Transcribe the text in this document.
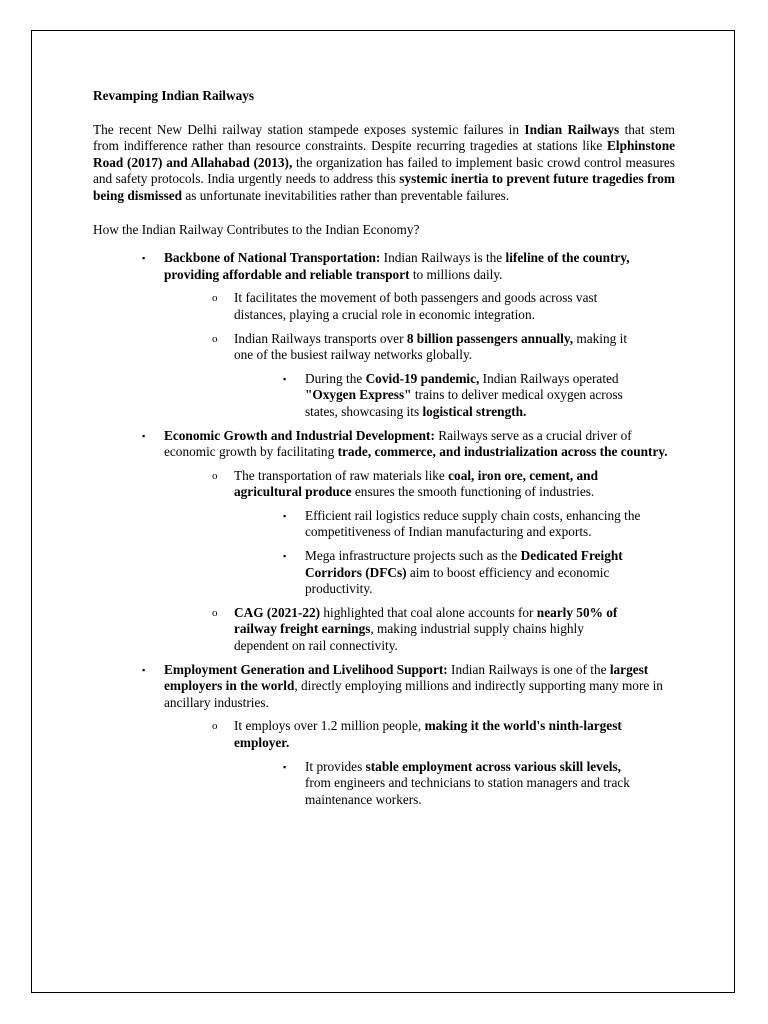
Revamping Indian Railways
The recent New Delhi railway station stampede exposes systemic failures in Indian Railways that stem from indifference rather than resource constraints. Despite recurring tragedies at stations like Elphinstone Road (2017) and Allahabad (2013), the organization has failed to implement basic crowd control measures and safety protocols. India urgently needs to address this systemic inertia to prevent future tragedies from being dismissed as unfortunate inevitabilities rather than preventable failures.
How the Indian Railway Contributes to the Indian Economy?
▪ Backbone of National Transportation: Indian Railways is the lifeline of the country, providing affordable and reliable transport to millions daily.
o It facilitates the movement of both passengers and goods across vast distances, playing a crucial role in economic integration.
o Indian Railways transports over 8 billion passengers annually, making it one of the busiest railway networks globally.
▪ During the Covid-19 pandemic, Indian Railways operated "Oxygen Express" trains to deliver medical oxygen across states, showcasing its logistical strength.
▪ Economic Growth and Industrial Development: Railways serve as a crucial driver of economic growth by facilitating trade, commerce, and industrialization across the country.
o The transportation of raw materials like coal, iron ore, cement, and agricultural produce ensures the smooth functioning of industries.
▪ Efficient rail logistics reduce supply chain costs, enhancing the competitiveness of Indian manufacturing and exports.
▪ Mega infrastructure projects such as the Dedicated Freight Corridors (DFCs) aim to boost efficiency and economic productivity.
o CAG (2021-22) highlighted that coal alone accounts for nearly 50% of railway freight earnings, making industrial supply chains highly dependent on rail connectivity.
▪ Employment Generation and Livelihood Support: Indian Railways is one of the largest employers in the world, directly employing millions and indirectly supporting many more in ancillary industries.
o It employs over 1.2 million people, making it the world's ninth-largest employer.
▪ It provides stable employment across various skill levels, from engineers and technicians to station managers and track maintenance workers.
